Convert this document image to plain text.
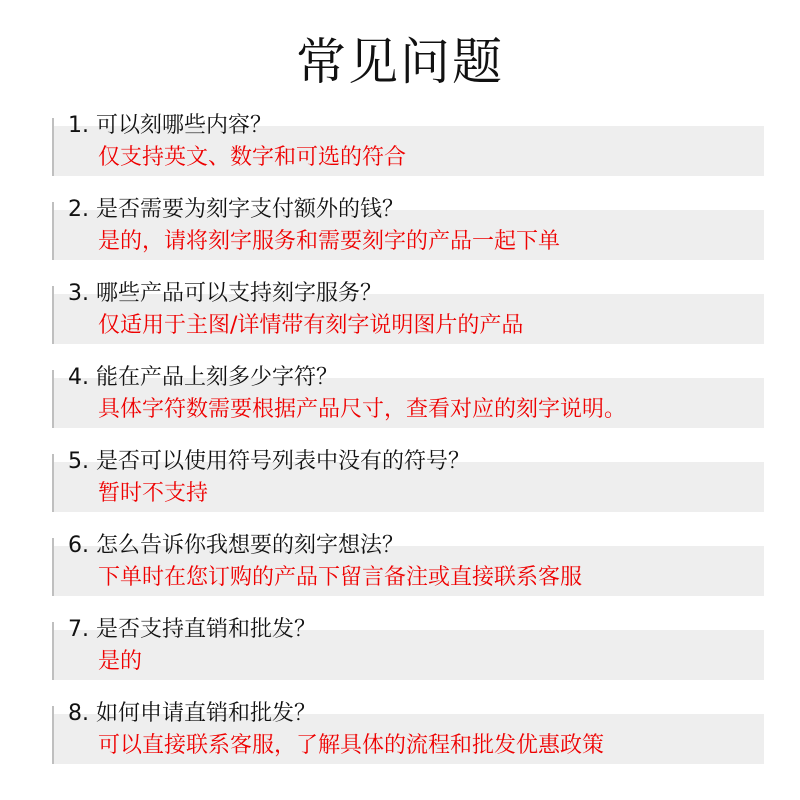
常见问题
1. 可以刻哪些内容？
仅支持英文、数字和可选的符合
2. 是否需要为刻字支付额外的钱？
是的，请将刻字服务和需要刻字的产品一起下单
3. 哪些产品可以支持刻字服务？
仅适用于主图/详情带有刻字说明图片的产品
4. 能在产品上刻多少字符？
具体字符数需要根据产品尺寸，查看对应的刻字说明。
5. 是否可以使用符号列表中没有的符号？
暂时不支持
6. 怎么告诉你我想要的刻字想法？
下单时在您订购的产品下留言备注或直接联系客服
7. 是否支持直销和批发？
是的
8. 如何申请直销和批发？
可以直接联系客服，了解具体的流程和批发优惠政策
